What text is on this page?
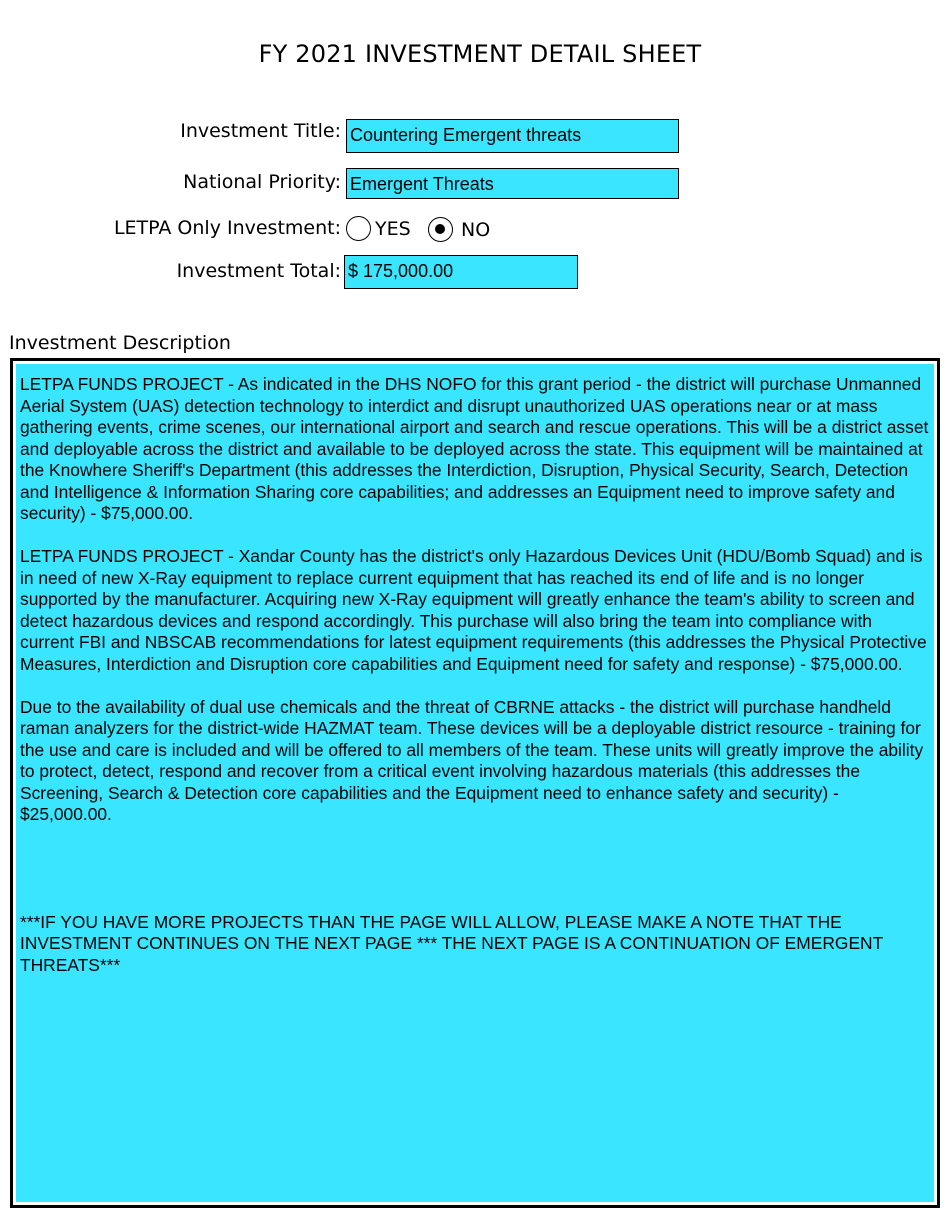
FY 2021 INVESTMENT DETAIL SHEET
Investment Title: Countering Emergent threats
National Priority: Emergent Threats
LETPA Only Investment: YES	NO
Investment Total: $ 175,000.00
Investment Description

LETPA FUNDS PROJECT - As indicated in the DHS NOFO for this grant period - the district will purchase Unmanned Aerial System (UAS) detection technology to interdict and disrupt unauthorized UAS operations near or at mass gathering events, crime scenes, our international airport and search and rescue operations. This will be a district asset and deployable across the district and available to be deployed across the state. This equipment will be maintained at the Knowhere Sheriff's Department (this addresses the Interdiction, Disruption, Physical Security, Search, Detection and Intelligence & Information Sharing core capabilities; and addresses an Equipment need to improve safety and security) - $75,000.00.

LETPA FUNDS PROJECT - Xandar County has the district's only Hazardous Devices Unit (HDU/Bomb Squad) and is in need of new X-Ray equipment to replace current equipment that has reached its end of life and is no longer supported by the manufacturer. Acquiring new X-Ray equipment will greatly enhance the team's ability to screen and detect hazardous devices and respond accordingly. This purchase will also bring the team into compliance with current FBI and NBSCAB recommendations for latest equipment requirements (this addresses the Physical Protective Measures, Interdiction and Disruption core capabilities and Equipment need for safety and response) - $75,000.00.

Due to the availability of dual use chemicals and the threat of CBRNE attacks - the district will purchase handheld raman analyzers for the district-wide HAZMAT team. These devices will be a deployable district resource - training for the use and care is included and will be offered to all members of the team. These units will greatly improve the ability to protect, detect, respond and recover from a critical event involving hazardous materials (this addresses the Screening, Search & Detection core capabilities and the Equipment need to enhance safety and security) - $25,000.00.

***IF YOU HAVE MORE PROJECTS THAN THE PAGE WILL ALLOW, PLEASE MAKE A NOTE THAT THE INVESTMENT CONTINUES ON THE NEXT PAGE *** THE NEXT PAGE IS A CONTINUATION OF EMERGENT THREATS***
